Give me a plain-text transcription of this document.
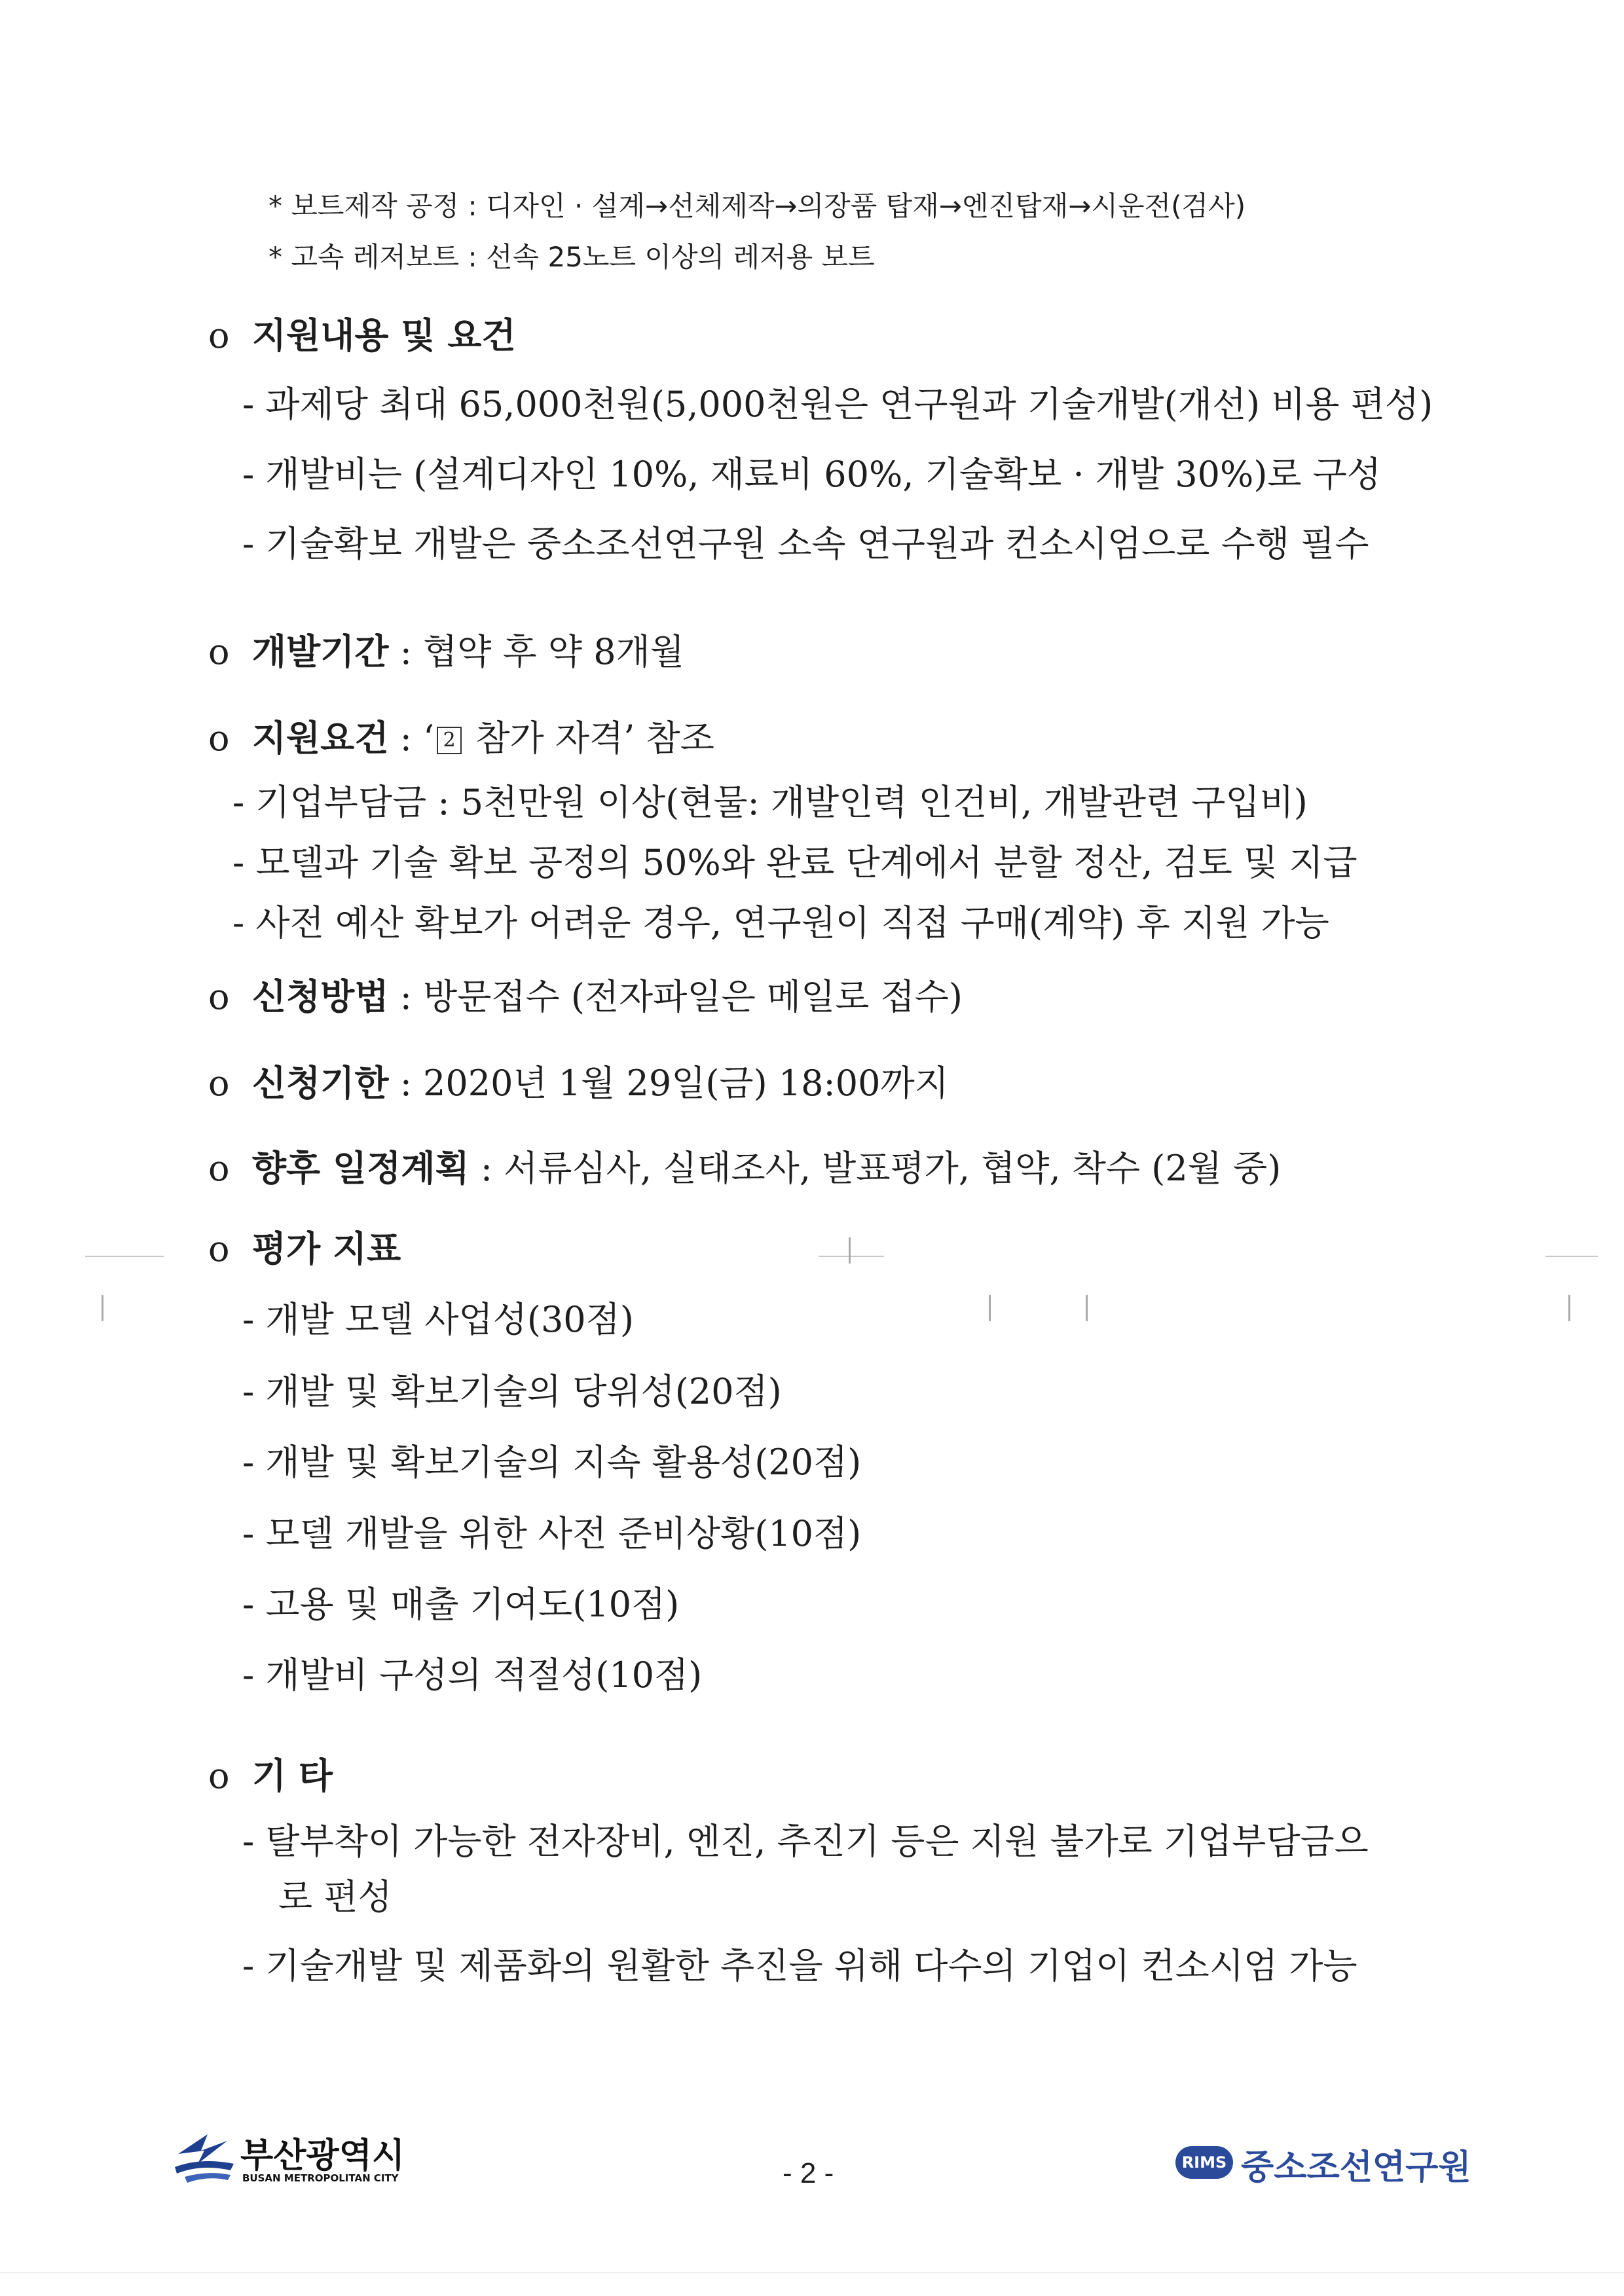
* 보트제작 공정 : 디자인 · 설계→선체제작→의장품 탑재→엔진탑재→시운전(검사)
* 고속 레저보트 : 선속 25노트 이상의 레저용 보트
o 지원내용 및 요건
- 과제당 최대 65,000천원(5,000천원은 연구원과 기술개발(개선) 비용 편성)
- 개발비는 (설계디자인 10%, 재료비 60%, 기술확보 · 개발 30%)로 구성
- 기술확보 개발은 중소조선연구원 소속 연구원과 컨소시엄으로 수행 필수
o 개발기간 : 협약 후 약 8개월
o 지원요건 : ‘ 2 참가 자격’ 참조
- 기업부담금 : 5천만원 이상(현물: 개발인력 인건비, 개발관련 구입비)
- 모델과 기술 확보 공정의 50%와 완료 단계에서 분할 정산, 검토 및 지급
- 사전 예산 확보가 어려운 경우, 연구원이 직접 구매(계약) 후 지원 가능
o 신청방법 : 방문접수 (전자파일은 메일로 접수)
o 신청기한 : 2020년 1월 29일(금) 18:00까지
o 향후 일정계획 : 서류심사, 실태조사, 발표평가, 협약, 착수 (2월 중)
o 평가 지표
- 개발 모델 사업성(30점)
- 개발 및 확보기술의 당위성(20점)
- 개발 및 확보기술의 지속 활용성(20점)
- 모델 개발을 위한 사전 준비상황(10점)
- 고용 및 매출 기여도(10점)
- 개발비 구성의 적절성(10점)
o 기 타
- 탈부착이 가능한 전자장비, 엔진, 추진기 등은 지원 불가로 기업부담금으
로 편성
- 기술개발 및 제품화의 원활한 추진을 위해 다수의 기업이 컨소시엄 가능
부산광역시
BUSAN METROPOLITAN CITY	- 2 -	RIMS 중소조선연구원
